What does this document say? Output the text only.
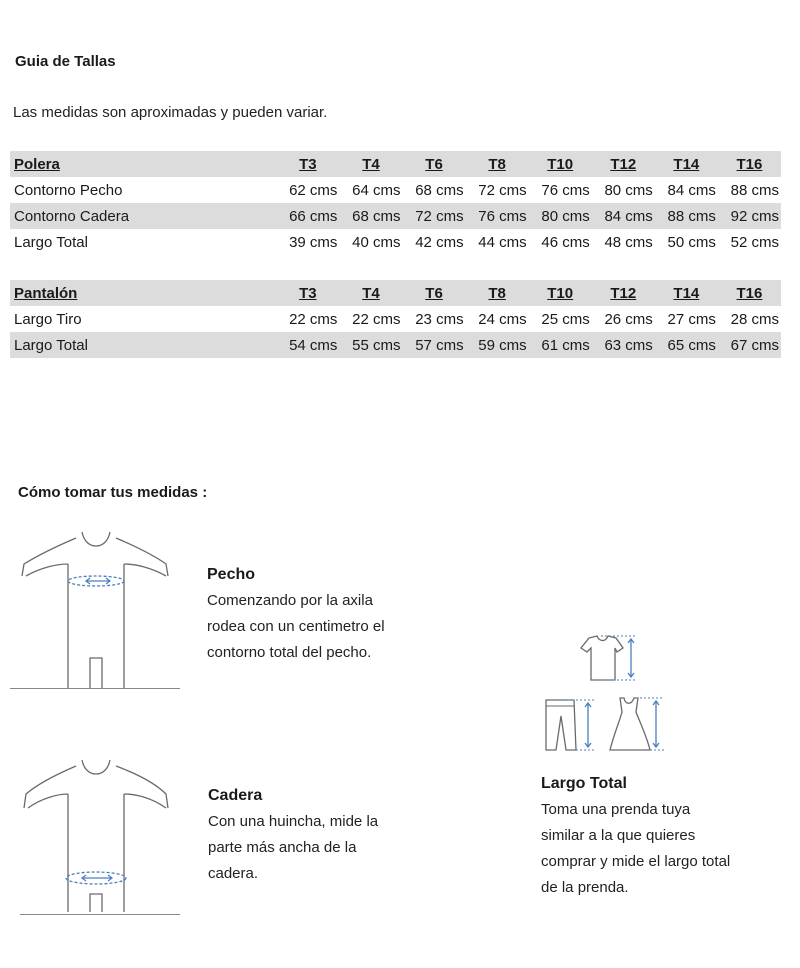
Guia de Tallas
Las medidas son aproximadas y pueden variar.
Polera	T3	T4	T6	T8	T10	T12	T14	T16
Contorno Pecho	62 cms	64 cms	68 cms	72 cms	76 cms	80 cms	84 cms	88 cms
Contorno Cadera	66 cms	68 cms	72 cms	76 cms	80 cms	84 cms	88 cms	92 cms
Largo Total	39 cms	40 cms	42 cms	44 cms	46 cms	48 cms	50 cms	52 cms
Pantalón	T3	T4	T6	T8	T10	T12	T14	T16
Largo Tiro	22 cms	22 cms	23 cms	24 cms	25 cms	26 cms	27 cms	28 cms
Largo Total	54 cms	55 cms	57 cms	59 cms	61 cms	63 cms	65 cms	67 cms
Cómo tomar tus medidas :
Pecho
Comenzando por la axila
rodea con un centimetro el
contorno total del pecho.
Cadera
Con una huincha, mide la
parte más ancha de la
cadera.
Largo Total
Toma una prenda tuya
similar a la que quieres
comprar y mide el largo total
de la prenda.
